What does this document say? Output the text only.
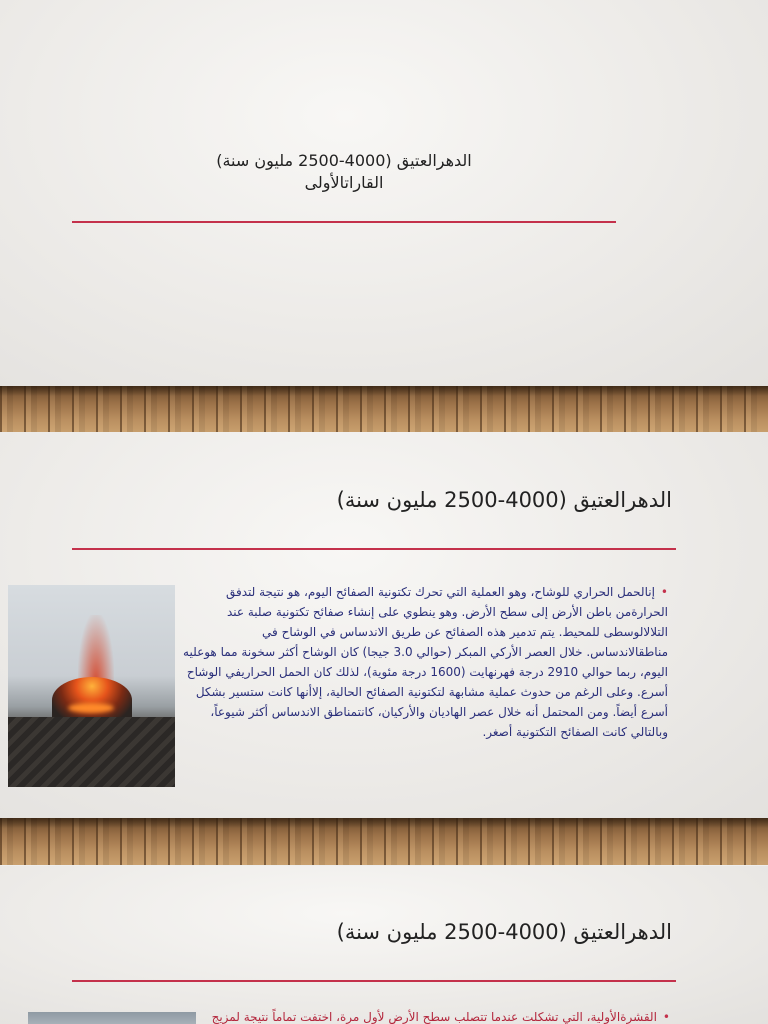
الدهرالعتيق (4000-2500 مليون سنة)
القاراتالأولى
الدهرالعتيق (4000-2500 مليون سنة)
•إنالحمل الحراري للوشاح، وهو العملية التي تحرك تكتونية الصفائح اليوم، هو نتيجة لتدفق الحرارةمن باطن الأرض إلى سطح الأرض. وهو ينطوي على إنشاء صفائح تكتونية صلبة عند التلالالوسطى للمحيط. يتم تدمير هذه الصفائح عن طريق الاندساس في الوشاح في مناطقالاندساس. خلال العصر الأركي المبكر (حوالي 3.0 جيجا) كان الوشاح أكثر سخونة مما هوعليه اليوم، ربما حوالي 2910 درجة فهرنهايت (1600 درجة مئوية)، لذلك كان الحمل الحراريفي الوشاح أسرع. وعلى الرغم من حدوث عملية مشابهة لتكتونية الصفائح الحالية، إلاأنها كانت ستسير بشكل أسرع أيضاً. ومن المحتمل أنه خلال عصر الهاديان والأركيان، كانتمناطق الاندساس أكثر شيوعاً، وبالتالي كانت الصفائح التكتونية أصغر.
الدهرالعتيق (4000-2500 مليون سنة)
•القشرةالأولية، التي تشكلت عندما تتصلب سطح الأرض لأول مرة، اختفت تماماً نتيجة لمزيج
